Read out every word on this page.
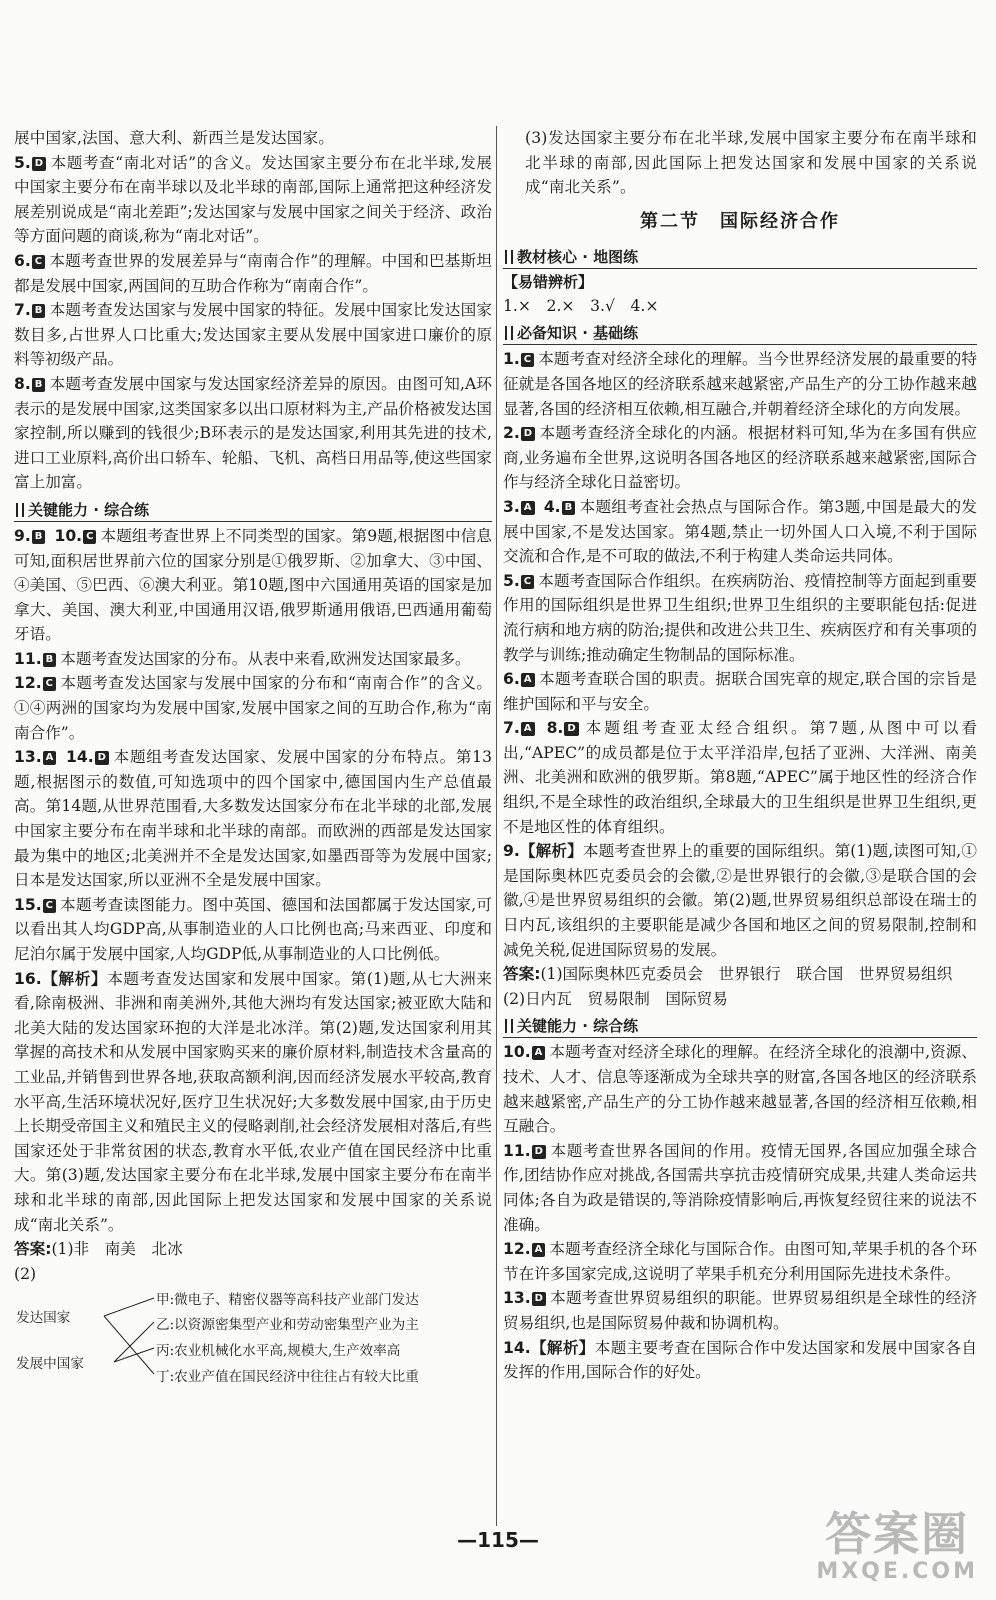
展中国家,法国、意大利、新西兰是发达国家。

5. D 本题考查“南北对话”的含义。发达国家主要分布在北半球,发展中国家主要分布在南半球以及北半球的南部,国际上通常把这种经济发展差别说成是“南北差距”;发达国家与发展中国家之间关于经济、政治等方面问题的商谈,称为“南北对话”。

6. C 本题考查世界的发展差异与“南南合作”的理解。中国和巴基斯坦都是发展中国家,两国间的互助合作称为“南南合作”。

7. B 本题考查发达国家与发展中国家的特征。发展中国家比发达国家数目多,占世界人口比重大;发达国家主要从发展中国家进口廉价的原料等初级产品。

8. B 本题考查发展中国家与发达国家经济差异的原因。由图可知,A环表示的是发展中国家,这类国家多以出口原材料为主,产品价格被发达国家控制,所以赚到的钱很少;B环表示的是发达国家,利用其先进的技术,进口工业原料,高价出口轿车、轮船、飞机、高档日用品等,使这些国家富上加富。

关键能力 · 综合练

9. B 10. C 本题组考查世界上不同类型的国家。第9题,根据图中信息可知,面积居世界前六位的国家分别是①俄罗斯、②加拿大、③中国、④美国、⑤巴西、⑥澳大利亚。第10题,图中六国通用英语的国家是加拿大、美国、澳大利亚,中国通用汉语,俄罗斯通用俄语,巴西通用葡萄牙语。

11. B 本题考查发达国家的分布。从表中来看,欧洲发达国家最多。

12. C 本题考查发达国家与发展中国家的分布和“南南合作”的含义。①④两洲的国家均为发展中国家,发展中国家之间的互助合作,称为“南南合作”。

13. A 14. D 本题组考查发达国家、发展中国家的分布特点。第13题,根据图示的数值,可知选项中的四个国家中,德国国内生产总值最高。第14题,从世界范围看,大多数发达国家分布在北半球的北部,发展中国家主要分布在南半球和北半球的南部。而欧洲的西部是发达国家最为集中的地区;北美洲并不全是发达国家,如墨西哥等为发展中国家;日本是发达国家,所以亚洲不全是发展中国家。

15. C 本题考查读图能力。图中英国、德国和法国都属于发达国家,可以看出其人均GDP高,从事制造业的人口比例也高;马来西亚、印度和尼泊尔属于发展中国家,人均GDP低,从事制造业的人口比例低。

16.【解析】本题考查发达国家和发展中国家。第(1)题,从七大洲来看,除南极洲、非洲和南美洲外,其他大洲均有发达国家;被亚欧大陆和北美大陆的发达国家环抱的大洋是北冰洋。第(2)题,发达国家利用其掌握的高技术和从发展中国家购买来的廉价原材料,制造技术含量高的工业品,并销售到世界各地,获取高额利润,因而经济发展水平较高,教育水平高,生活环境状况好,医疗卫生状况好;大多数发展中国家,由于历史上长期受帝国主义和殖民主义的侵略剥削,社会经济发展相对落后,有些国家还处于非常贫困的状态,教育水平低,农业产值在国民经济中比重大。第(3)题,发达国家主要分布在北半球,发展中国家主要分布在南半球和北半球的南部,因此国际上把发达国家和发展中国家的关系说成“南北关系”。

答案:(1)非　南美　北冰

(2)

发达国家
发展中国家
甲:微电子、精密仪器等高科技产业部门发达
乙:以资源密集型产业和劳动密集型产业为主
丙:农业机械化水平高,规模大,生产效率高
丁:农业产值在国民经济中往往占有较大比重

(3)发达国家主要分布在北半球,发展中国家主要分布在南半球和北半球的南部,因此国际上把发达国家和发展中国家的关系说成“南北关系”。

第二节　国际经济合作
教材核心 · 地图练
【易错辨析】

1.×　2.×　3.√　4.×

必备知识 · 基础练

1. C 本题考查对经济全球化的理解。当今世界经济发展的最重要的特征就是各国各地区的经济联系越来越紧密,产品生产的分工协作越来越显著,各国的经济相互依赖,相互融合,并朝着经济全球化的方向发展。

2. D 本题考查经济全球化的内涵。根据材料可知,华为在多国有供应商,业务遍布全世界,这说明各国各地区的经济联系越来越紧密,国际合作与经济全球化日益密切。

3. A 4. B 本题组考查社会热点与国际合作。第3题,中国是最大的发展中国家,不是发达国家。第4题,禁止一切外国人口入境,不利于国际交流和合作,是不可取的做法,不利于构建人类命运共同体。

5. C 本题考查国际合作组织。在疾病防治、疫情控制等方面起到重要作用的国际组织是世界卫生组织;世界卫生组织的主要职能包括:促进流行病和地方病的防治;提供和改进公共卫生、疾病医疗和有关事项的教学与训练;推动确定生物制品的国际标准。

6. A 本题考查联合国的职责。据联合国宪章的规定,联合国的宗旨是维护国际和平与安全。

7. A 8. D 本题组考查亚太经合组织。第7题,从图中可以看出,“APEC”的成员都是位于太平洋沿岸,包括了亚洲、大洋洲、南美洲、北美洲和欧洲的俄罗斯。第8题,“APEC”属于地区性的经济合作组织,不是全球性的政治组织,全球最大的卫生组织是世界卫生组织,更不是地区性的体育组织。

9.【解析】本题考查世界上的重要的国际组织。第(1)题,读图可知,①是国际奥林匹克委员会的会徽,②是世界银行的会徽,③是联合国的会徽,④是世界贸易组织的会徽。第(2)题,世界贸易组织总部设在瑞士的日内瓦,该组织的主要职能是减少各国和地区之间的贸易限制,控制和减免关税,促进国际贸易的发展。

答案:(1)国际奥林匹克委员会　世界银行　联合国　世界贸易组织

(2)日内瓦　贸易限制　国际贸易

关键能力 · 综合练

10. A 本题考查对经济全球化的理解。在经济全球化的浪潮中,资源、技术、人才、信息等逐渐成为全球共享的财富,各国各地区的经济联系越来越紧密,产品生产的分工协作越来越显著,各国的经济相互依赖,相互融合。

11. D 本题考查世界各国间的作用。疫情无国界,各国应加强全球合作,团结协作应对挑战,各国需共享抗击疫情研究成果,共建人类命运共同体;各自为政是错误的,等消除疫情影响后,再恢复经贸往来的说法不准确。

12. A 本题考查经济全球化与国际合作。由图可知,苹果手机的各个环节在许多国家完成,这说明了苹果手机充分利用国际先进技术条件。

13. D 本题考查世界贸易组织的职能。世界贸易组织是全球性的经济贸易组织,也是国际贸易仲裁和协调机构。

14.【解析】本题主要考查在国际合作中发达国家和发展中国家各自发挥的作用,国际合作的好处。

—115—	答案圈
MXQE.COM
